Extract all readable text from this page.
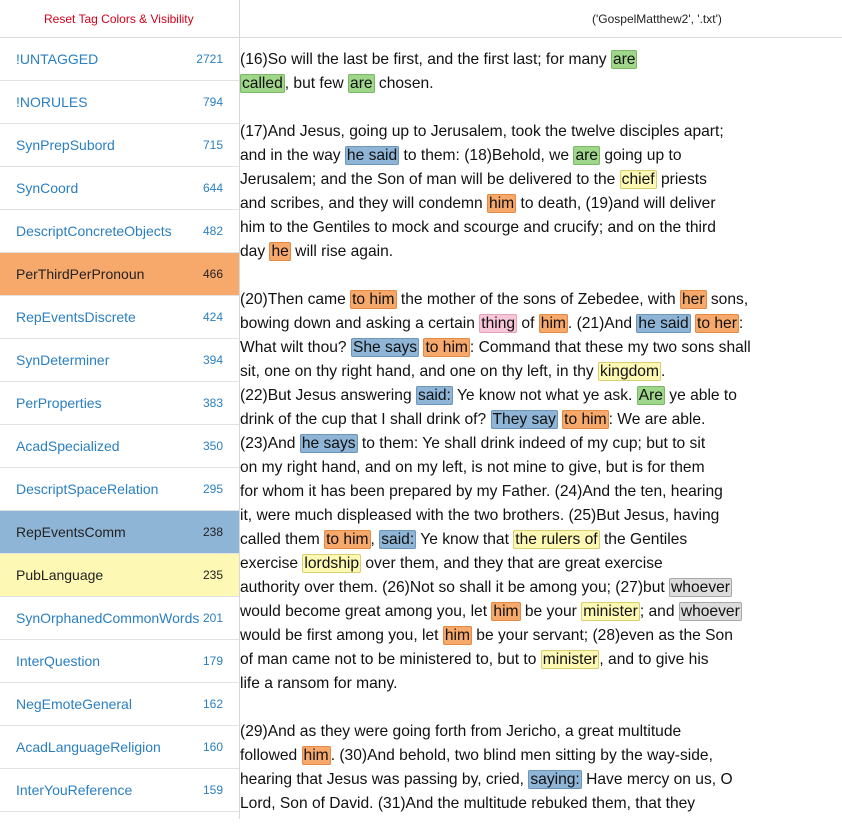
Reset Tag Colors & Visibility
!UNTAGGED	2721
!NORULES	794
SynPrepSubord	715
SynCoord	644
DescriptConcreteObjects	482
PerThirdPerPronoun	466
RepEventsDiscrete	424
SynDeterminer	394
PerProperties	383
AcadSpecialized	350
DescriptSpaceRelation	295
RepEventsComm	238
PubLanguage	235
SynOrphanedCommonWords 201
InterQuestion	179
NegEmoteGeneral	162
AcadLanguageReligion	160
InterYouReference	159
('GospelMatthew2', '.txt')

(16)So will the last be first, and the first last; for many are
called , but few are chosen.

(17)And Jesus, going up to Jerusalem, took the twelve disciples apart;
and in the way he said to them: (18)Behold, we are going up to
Jerusalem; and the Son of man will be delivered to the chief priests
and scribes, and they will condemn him to death, (19)and will deliver
him to the Gentiles to mock and scourge and crucify; and on the third
day he will rise again.

(20)Then came to him the mother of the sons of Zebedee, with her sons,
bowing down and asking a certain thing of him . (21)And he said to her :
What wilt thou? She says to him : Command that these my two sons shall
sit, one on thy right hand, and one on thy left, in thy kingdom .
(22)But Jesus answering said: Ye know not what ye ask. Are ye able to
drink of the cup that I shall drink of? They say to him : We are able.
(23)And he says to them: Ye shall drink indeed of my cup; but to sit
on my right hand, and on my left, is not mine to give, but is for them
for whom it has been prepared by my Father. (24)And the ten, hearing
it, were much displeased with the two brothers. (25)But Jesus, having
called them to him , said: Ye know that the rulers of the Gentiles
exercise lordship over them, and they that are great exercise
authority over them. (26)Not so shall it be among you; (27)but whoever
would become great among you, let him be your minister ; and whoever
would be first among you, let him be your servant; (28)even as the Son
of man came not to be ministered to, but to minister , and to give his
life a ransom for many.

(29)And as they were going forth from Jericho, a great multitude
followed him . (30)And behold, two blind men sitting by the way-side,
hearing that Jesus was passing by, cried, saying: Have mercy on us, O
Lord, Son of David. (31)And the multitude rebuked them, that they
